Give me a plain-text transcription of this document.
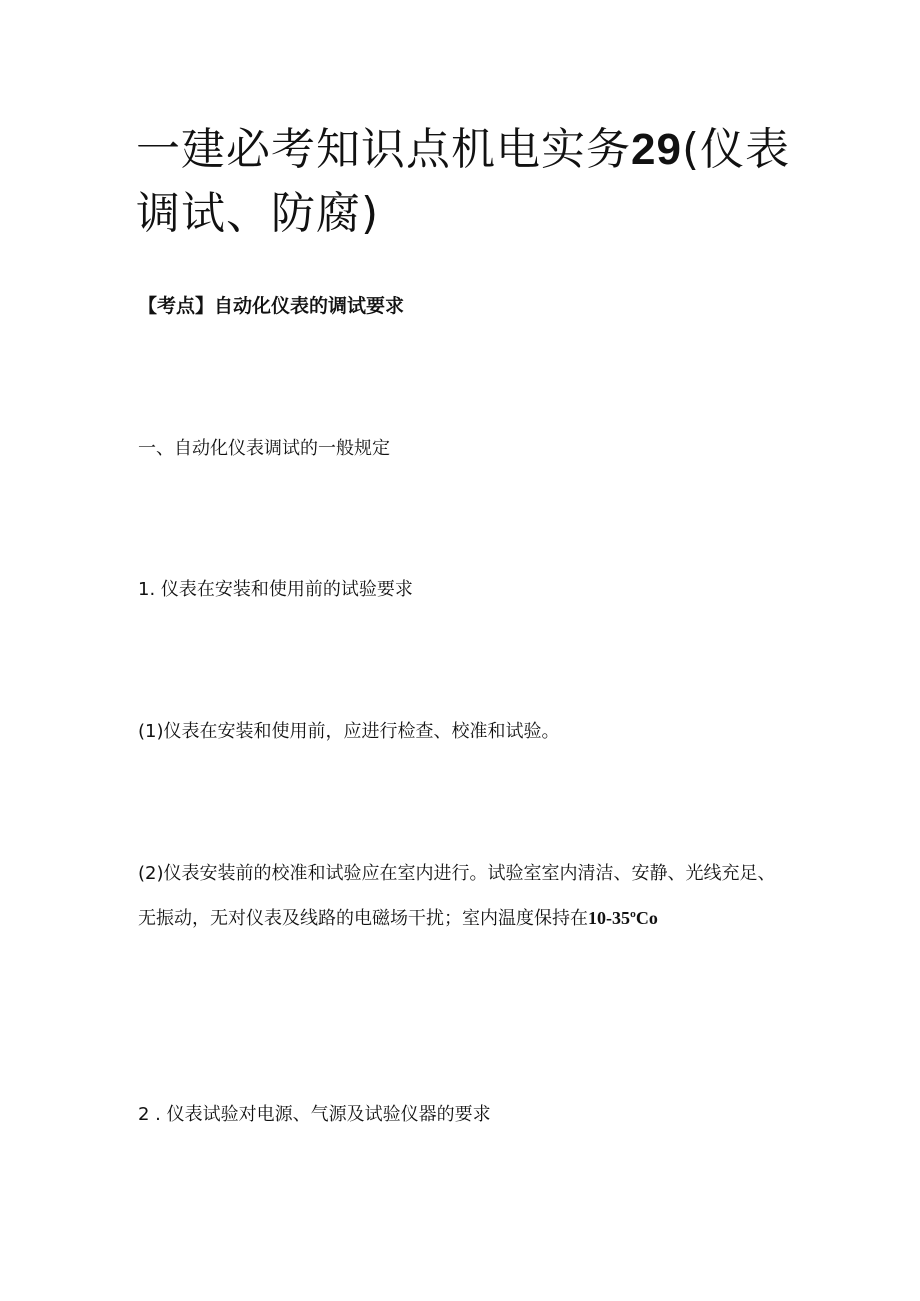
一建必考知识点机电实务29(仪表调试、防腐)

【考点】自动化仪表的调试要求

一、自动化仪表调试的一般规定

1. 仪表在安装和使用前的试验要求

(1)仪表在安装和使用前，应进行检查、校准和试验。

(2)仪表安装前的校准和试验应在室内进行。试验室室内清洁、安静、光线充足、无振动，无对仪表及线路的电磁场干扰；室内温度保持在10-35ºCo

2 . 仪表试验对电源、气源及试验仪器的要求
